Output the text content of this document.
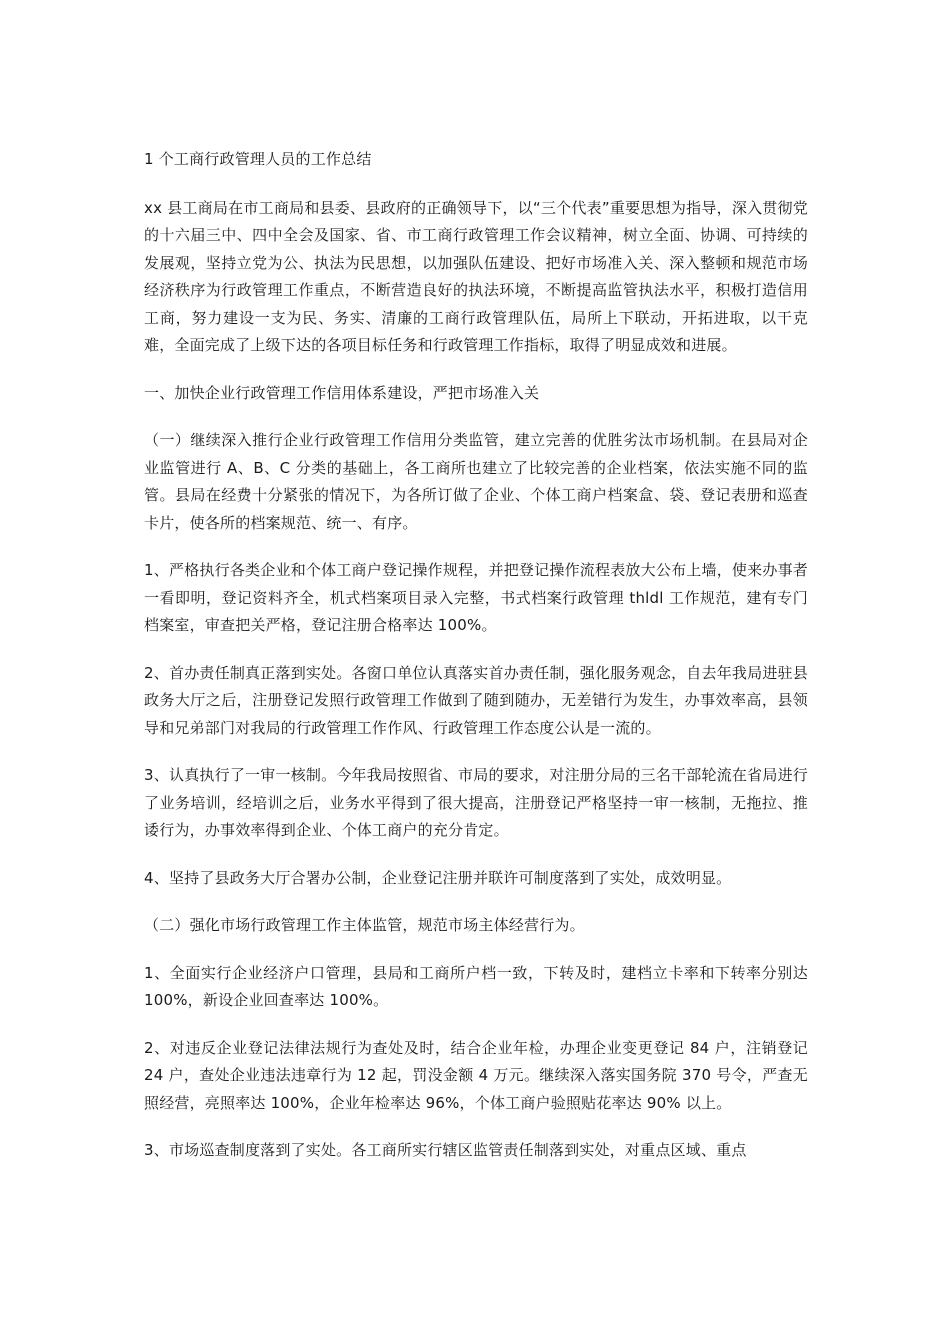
1 个工商行政管理人员的工作总结

xx 县工商局在市工商局和县委、县政府的正确领导下，以“三个代表”重要思想为指导，深入贯彻党的十六届三中、四中全会及国家、省、市工商行政管理工作会议精神，树立全面、协调、可持续的发展观，坚持立党为公、执法为民思想，以加强队伍建设、把好市场准入关、深入整顿和规范市场经济秩序为行政管理工作重点，不断营造良好的执法环境，不断提高监管执法水平，积极打造信用工商，努力建设一支为民、务实、清廉的工商行政管理队伍，局所上下联动，开拓进取，以干克难，全面完成了上级下达的各项目标任务和行政管理工作指标，取得了明显成效和进展。

一、加快企业行政管理工作信用体系建设，严把市场准入关

（一）继续深入推行企业行政管理工作信用分类监管，建立完善的优胜劣汰市场机制。在县局对企业监管进行 A、B、C 分类的基础上，各工商所也建立了比较完善的企业档案，依法实施不同的监管。县局在经费十分紧张的情况下，为各所订做了企业、个体工商户档案盒、袋、登记表册和巡查卡片，使各所的档案规范、统一、有序。

1、严格执行各类企业和个体工商户登记操作规程，并把登记操作流程表放大公布上墙，使来办事者一看即明，登记资料齐全，机式档案项目录入完整，书式档案行政管理 thldl 工作规范，建有专门档案室，审查把关严格，登记注册合格率达 100%。

2、首办责任制真正落到实处。各窗口单位认真落实首办责任制，强化服务观念，自去年我局进驻县政务大厅之后，注册登记发照行政管理工作做到了随到随办，无差错行为发生，办事效率高，县领导和兄弟部门对我局的行政管理工作作风、行政管理工作态度公认是一流的。

3、认真执行了一审一核制。今年我局按照省、市局的要求，对注册分局的三名干部轮流在省局进行了业务培训，经培训之后，业务水平得到了很大提高，注册登记严格坚持一审一核制，无拖拉、推诿行为，办事效率得到企业、个体工商户的充分肯定。

4、坚持了县政务大厅合署办公制，企业登记注册并联许可制度落到了实处，成效明显。

（二）强化市场行政管理工作主体监管，规范市场主体经营行为。

1、全面实行企业经济户口管理，县局和工商所户档一致，下转及时，建档立卡率和下转率分别达 100%，新设企业回查率达 100%。

2、对违反企业登记法律法规行为查处及时，结合企业年检，办理企业变更登记 84 户，注销登记 24 户，查处企业违法违章行为 12 起，罚没金额 4 万元。继续深入落实国务院 370 号令，严查无照经营，亮照率达 100%，企业年检率达 96%，个体工商户验照贴花率达 90% 以上。

3、市场巡查制度落到了实处。各工商所实行辖区监管责任制落到实处，对重点区域、重点
